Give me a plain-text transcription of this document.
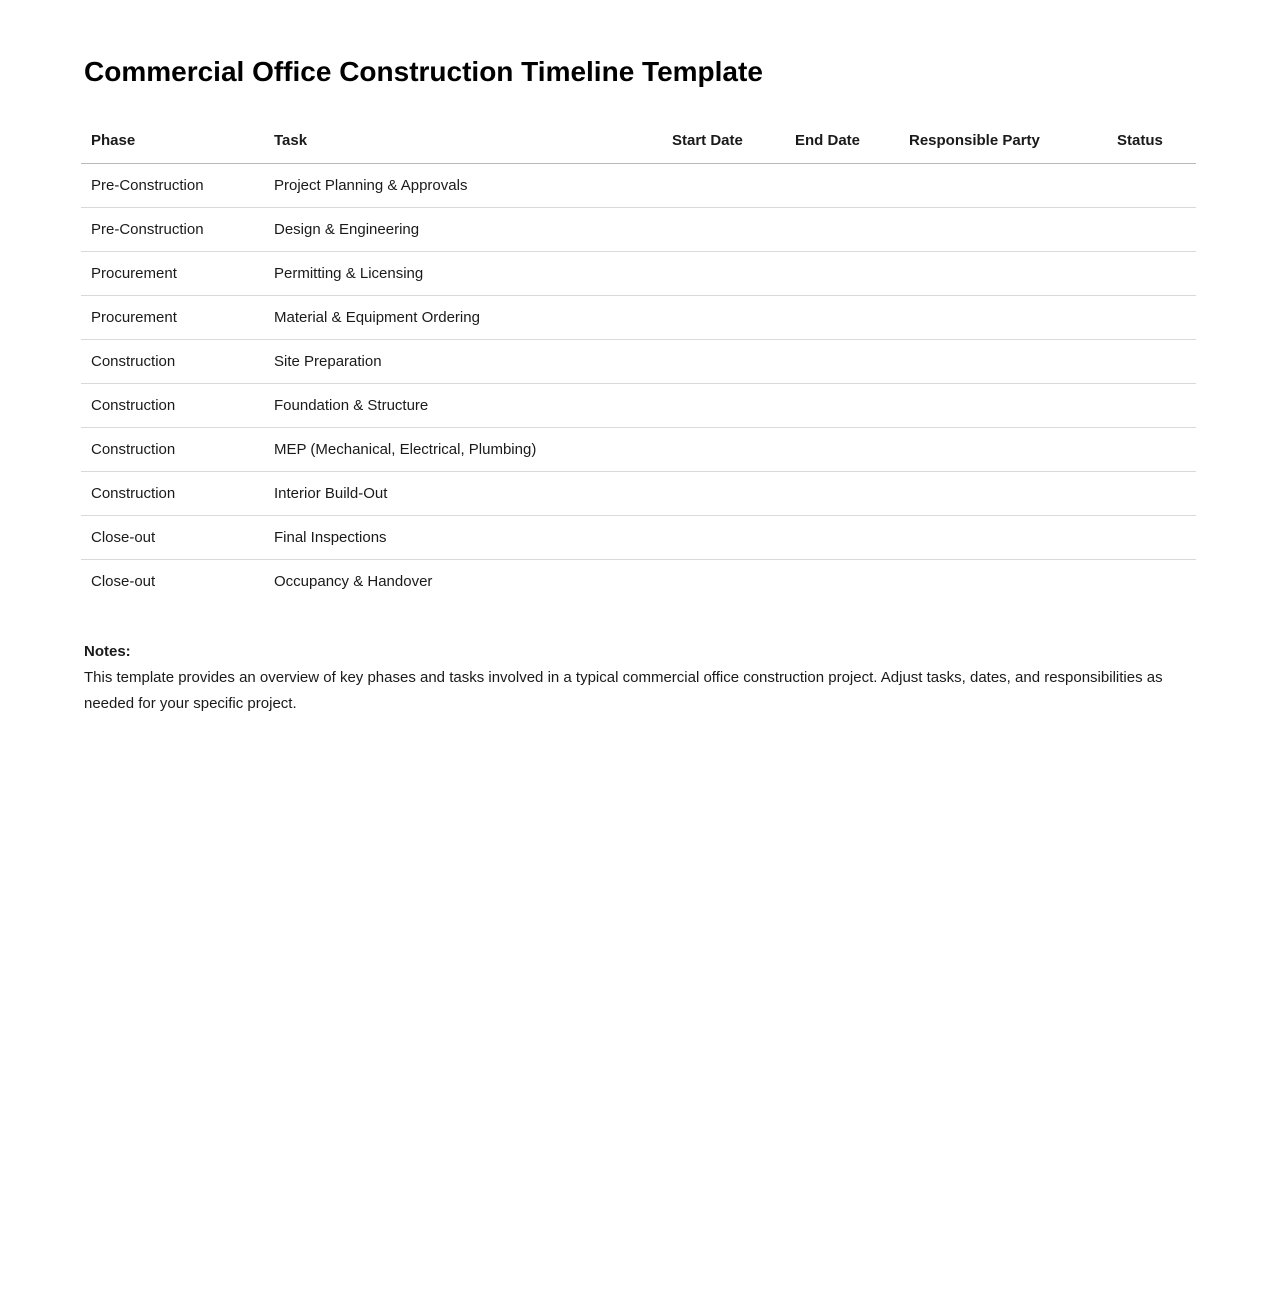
Commercial Office Construction Timeline Template
Phase	Task	Start Date	End Date	Responsible Party	Status
Pre-Construction	Project Planning & Approvals				
Pre-Construction	Design & Engineering				
Procurement	Permitting & Licensing				
Procurement	Material & Equipment Ordering				
Construction	Site Preparation				
Construction	Foundation & Structure				
Construction	MEP (Mechanical, Electrical, Plumbing)				
Construction	Interior Build-Out				
Close-out	Final Inspections				
Close-out	Occupancy & Handover				
Notes:
This template provides an overview of key phases and tasks involved in a typical commercial office construction project. Adjust tasks, dates, and responsibilities as needed for your specific project.
